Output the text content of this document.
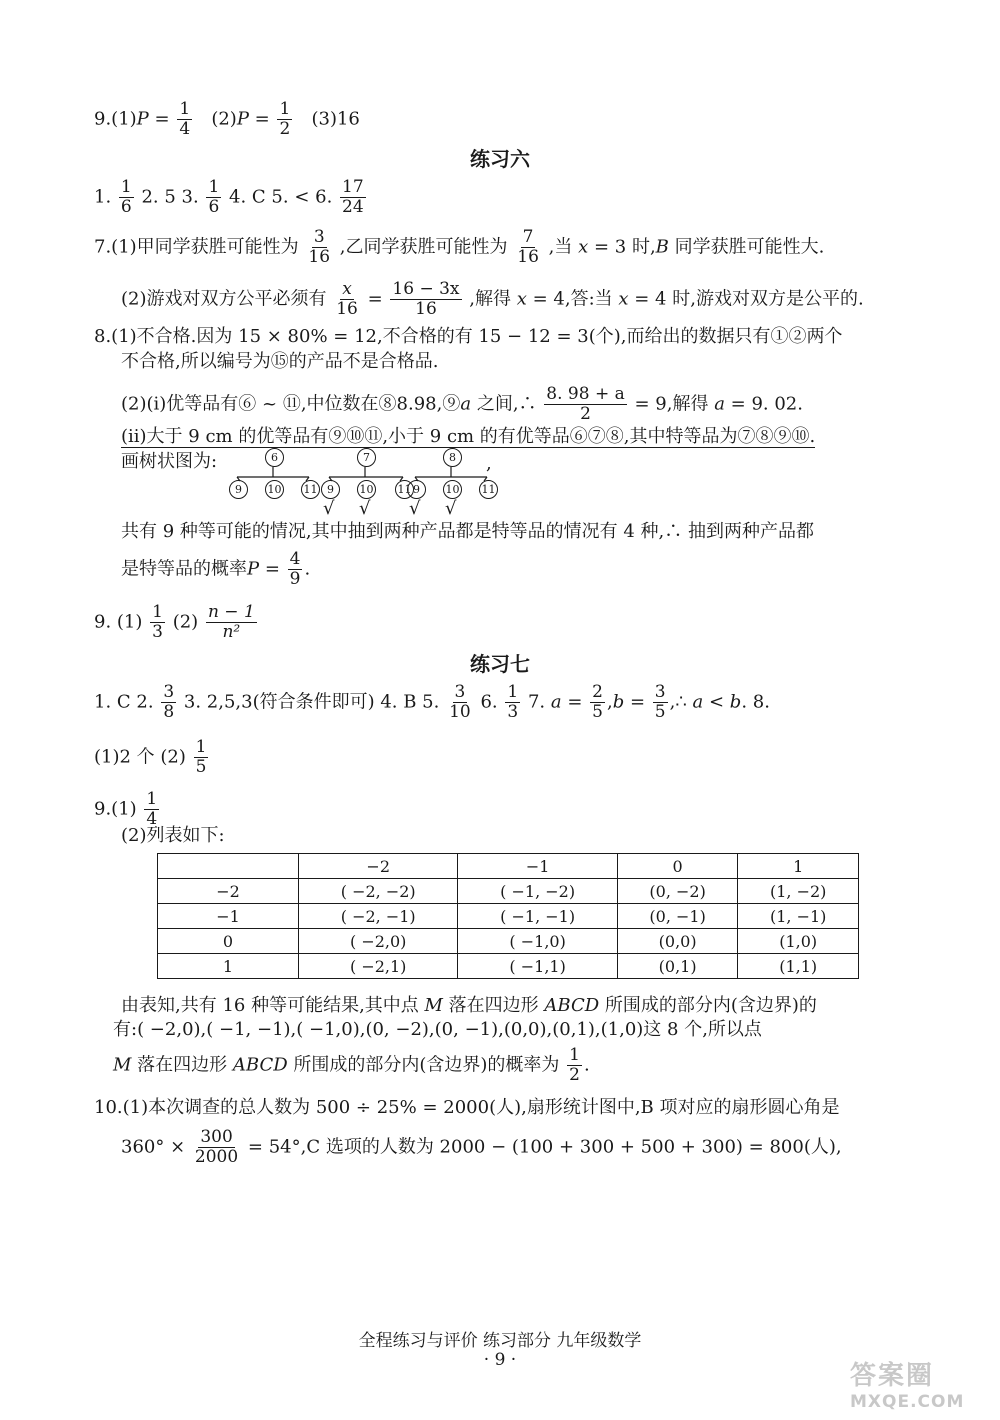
$9.(1)P = \frac{1}{4} (2)P = \frac{1}{2} (3)16$
练习六
1. $\frac{1}{6} 2$. 5 3. $\frac{1}{6} 4$. C 5. < 6. $\frac{17}{24}$
7.(1)甲同学获胜可能性为 $\frac{3}{16}$ ,乙同学获胜可能性为 $\frac{7}{16}$ ,当 x = 3 时,B 同学获胜可能性大.
(2)游戏对双方公平必须有 $\frac{x}{16} = \frac{16 - 3x}{16}$ ,解得 x = 4,答:当 x = 4 时,游戏对双方是公平的.
8.(1)不合格.因为 15 × 80% = 12,不合格的有 15 − 12 = 3(个),而给出的数据只有①②两个
不合格,所以编号为⑮的产品不是合格品.
(2)(ⅰ)优等品有⑥ ~ ⑪,中位数在⑧8.98,⑨a 之间,∴ $\frac{8. 98 + a}{2} = 9$,解得 a = 9. 02.
(ⅱ)大于 9 cm 的优等品有⑨⑩⑪,小于 9 cm 的有优等品⑥⑦⑧,其中特等品为⑦⑧⑨⑩.
画树状图为:	,
6	7	8
9	10 11 9	10 11 9	10 11
√ √ √ √
共有 9 种等可能的情况,其中抽到两种产品都是特等品的情况有 4 种,∴ 抽到两种产品都
是特等品的概率$P = \frac{4}{9}$ .
9. $(1) \frac{1}{3} (2) \frac{n - 1}{\text{n²}}$
练习七
1. C 2. $\frac{3}{8} 3$. 2,5,3(符合条件即可) 4. B 5. $\frac{3}{10} 6$. $\frac{1}{3} 7$. $a = \frac{2}{5} ,b = \frac{3}{5}$ ,∴ a < b. 8.
(1)2 个 $(2) \frac{1}{5}$
$9.(1) \frac{1}{4}$
(2)列表如下:
	−2	−1	0	1
−2	( −2, −2)	( −1, −2)	(0, −2)	(1, −2)
−1	( −2, −1)	( −1, −1)	(0, −1)	(1, −1)
0	( −2,0)	( −1,0)	(0,0)	(1,0)
1	( −2,1)	( −1,1)	(0,1)	(1,1)
由表知,共有 16 种等可能结果,其中点 M 落在四边形 ABCD 所围成的部分内(含边界)的
有:( −2,0),( −1, −1),( −1,0),(0, −2),(0, −1),(0,0),(0,1),(1,0)这 8 个,所以点
M 落在四边形 ABCD 所围成的部分内(含边界)的概率为 $\frac{1}{2}$ .
10.(1)本次调查的总人数为 500 ÷ 25% = 2000(人),扇形统计图中,B 项对应的扇形圆心角是
$360^\circ \times \frac{300}{2000} = 54^\circ,C$ 选项的人数为 2000 − (100 + 300 + 500 + 300) = 800(人),
全程练习与评价 练习部分 九年级数学
· 9 ·
答案圈
MXQE.COM
